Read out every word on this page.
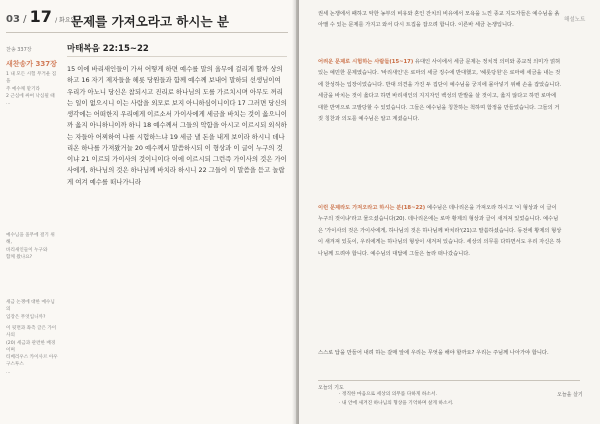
03 / 17 / 화요일
문제를 가져오라고 하시는 분
찬송 337장
새찬송가 337장
1 내 모든 시험 무거운 짐을
주 예수께 맡기라
2 근심에 싸여 낙심될 때
...
예수님을 올무에 걸기 위해,
바리새인들이 누구와
함께 왔나요?
세금 논쟁에 대한 예수님의
입장은 무엇입니까?
이 뒷면과 좌측 글은 가이사의
(20) 세금과 관련한 배경이며
티베리우스 카이사르 아우구스투스
...
마태복음 22:15~22

15 이에 바리새인들이 가서 어떻게 하면 예수를 말의 올무에 걸리게 할까 상의하고 16 자기 제자들을 헤롯 당원들과 함께 예수께 보내어 말하되 선생님이여 우리가 아노니 당신은 참되시고 진리로 하나님의 도를 가르치시며 아무도 꺼리는 일이 없으시니 이는 사람을 외모로 보지 아니하심이니이다 17 그러면 당신의 생각에는 어떠한지 우리에게 이르소서 가이사에게 세금을 바치는 것이 옳으니이까 옳지 아니하니이까 하니 18 예수께서 그들의 악함을 아시고 이르시되 외식하는 자들아 어찌하여 나를 시험하느냐 19 세금 낼 돈을 내게 보이라 하시니 데나리온 하나를 가져왔거늘 20 예수께서 말씀하시되 이 형상과 이 글이 누구의 것이냐 21 이르되 가이사의 것이니이다 이에 이르시되 그런즉 가이사의 것은 가이사에게, 하나님의 것은 하나님께 바치라 하시니 22 그들이 이 말씀을 듣고 놀랍게 여겨 예수를 떠나가니라

해설노트

권세 논쟁에서 패하고 악한 농부의 비유와 혼인 잔치의 비유에서 모욕을 느낀 종교 지도자들은 예수님을 옭아맬 수 있는 문제를 가지고 와서 다시 트집을 잡으려 합니다. 이른바 세금 논쟁입니다.

어려운 문제로 시험하는 사람들(15~17) 유대인 사이에서 세금 문제는 정치적 의미와 종교적 의미가 얽혀 있는 예민한 문제였습니다. '바리새인'은 로마의 세금 징수에 반대했고, '헤롯당원'은 로마에 세금을 내는 것에 찬성하는 입장이었습니다. 반대 의견을 가진 두 집단이 예수님을 궁지에 몰아넣기 위해 손을 잡았습니다. 세금을 바치는 것이 옳다고 하면 바리새인의 지지자인 백성의 반발을 살 것이고, 옳지 않다고 하면 로마에 대한 반역으로 고발당할 수 있었습니다. 그들은 예수님을 칭찬하는 척하며 함정을 만들었습니다. 그들의 거짓 칭찬과 의도를 예수님은 알고 계셨습니다.

이런 문제라도 가져오라고 하시는 분(18~22) 예수님은 데나리온을 가져오라 하시고 '이 형상과 이 글이 누구의 것이냐'라고 물으셨습니다(20). 데나리온에는 로마 황제의 형상과 글이 새겨져 있었습니다. 예수님은 '가이사의 것은 가이사에게, 하나님의 것은 하나님께 바치라'(21)고 말씀하셨습니다. 동전에 황제의 형상이 새겨져 있듯이, 우리에게는 하나님의 형상이 새겨져 있습니다. 세상의 의무를 다하면서도 우리 자신은 하나님께 드려야 합니다. 예수님의 대답에 그들은 놀라 떠나갔습니다.

스스로 답을 만들어 내려 하는 갈매 앞에 우리는 무엇을 해야 할까요? 우리는 주님께 나아가야 합니다.

오늘의 기도
· 정직한 마음으로 세상의 의무를 다하게 하소서.
· 내 안에 새겨진 하나님의 형상을 기억하며 살게 하소서.
오늘을 살기
